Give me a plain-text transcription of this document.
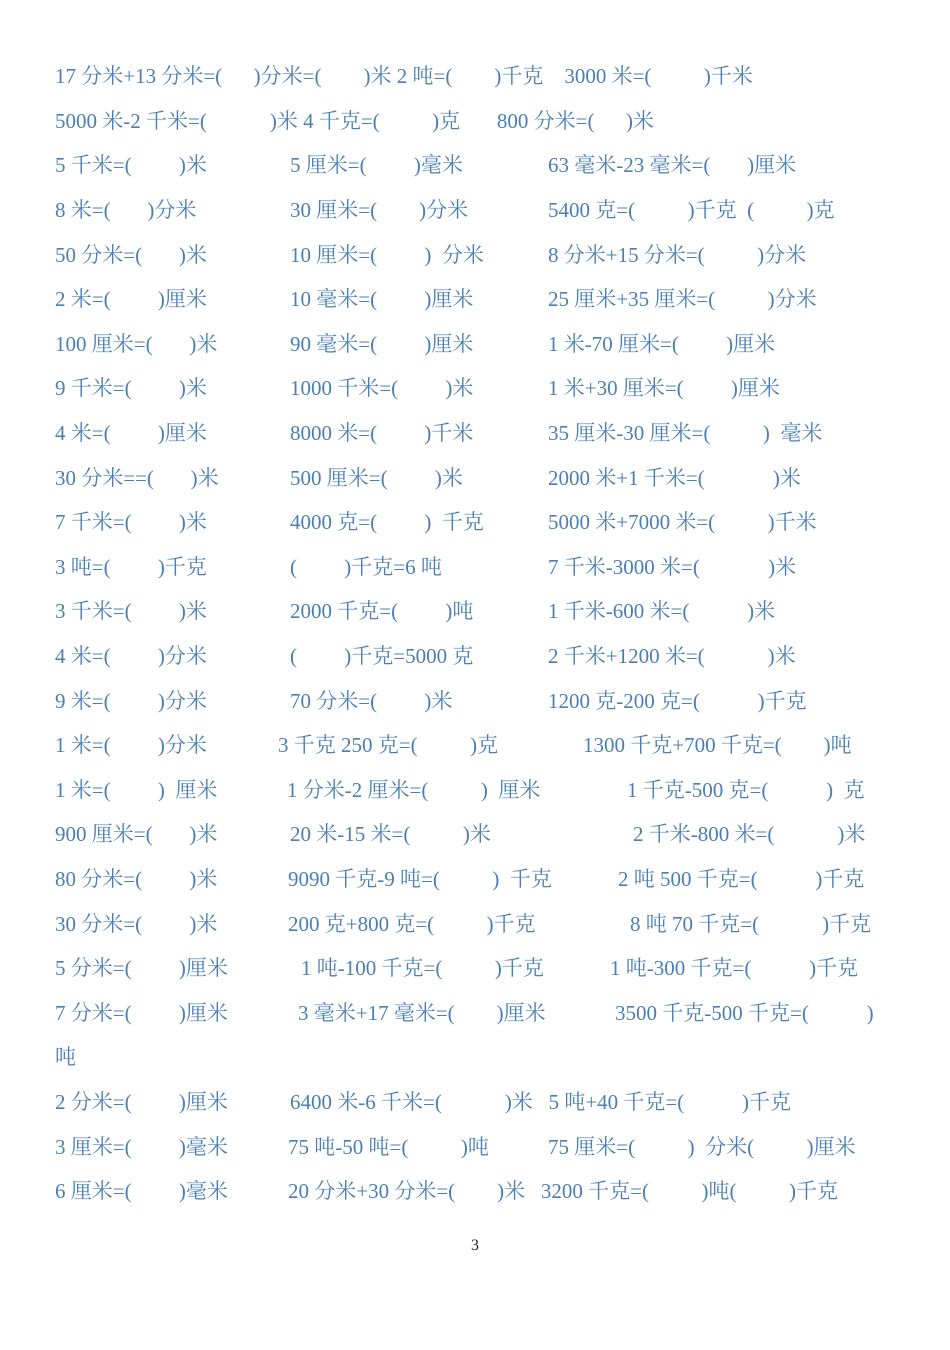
17 分米+13 分米=(      )分米=(        )米 2 吨=(        )千克    3000 米=(          )千米

5000 米-2 千米=(            )米 4 千克=(          )克       800 分米=(      )米

5 千米=(         )米

	5 厘米=(         )毫米

	63 毫米-23 毫米=(       )厘米

8 米=(       )分米

	30 厘米=(        )分米

	5400 克=(          )千克  (          )克

50 分米=(       )米

	10 厘米=(         )  分米

	8 分米+15 分米=(          )分米

2 米=(         )厘米

	10 毫米=(         )厘米

	25 厘米+35 厘米=(          )分米

100 厘米=(       )米

	90 毫米=(         )厘米

	1 米-70 厘米=(         )厘米

9 千米=(         )米

	1000 千米=(         )米

	1 米+30 厘米=(         )厘米

4 米=(         )厘米

	8000 米=(         )千米

	35 厘米-30 厘米=(          )  毫米

30 分米==(       )米

	500 厘米=(         )米

	2000 米+1 千米=(             )米

7 千米=(         )米

	4000 克=(         )  千克

	5000 米+7000 米=(          )千米

3 吨=(         )千克

	(         )千克=6 吨

	7 千米-3000 米=(             )米

3 千米=(         )米

	2000 千克=(         )吨

	1 千米-600 米=(           )米

4 米=(         )分米

	(         )千克=5000 克

	2 千米+1200 米=(            )米

9 米=(         )分米

	70 分米=(         )米

	1200 克-200 克=(           )千克

1 米=(         )分米

	3 千克 250 克=(          )克

	1300 千克+700 千克=(        )吨

1 米=(         )  厘米

	1 分米-2 厘米=(          )  厘米

	1 千克-500 克=(           )  克

900 厘米=(       )米

	20 米-15 米=(          )米

	2 千米-800 米=(            )米

80 分米=(         )米

	9090 千克-9 吨=(          )  千克

	2 吨 500 千克=(           )千克

30 分米=(         )米

	200 克+800 克=(          )千克

	8 吨 70 千克=(            )千克

5 分米=(         )厘米

	1 吨-100 千克=(          )千克

	1 吨-300 千克=(           )千克

7 分米=(         )厘米

	3 毫米+17 毫米=(        )厘米

	3500 千克-500 千克=(           )

吨

2 分米=(         )厘米

	6400 米-6 千米=(            )米   5 吨+40 千克=(           )千克

3 厘米=(         )毫米

	75 吨-50 吨=(          )吨

	75 厘米=(          )  分米(          )厘米

6 厘米=(         )毫米

	20 分米+30 分米=(        )米   3200 千克=(          )吨(          )千克

3
